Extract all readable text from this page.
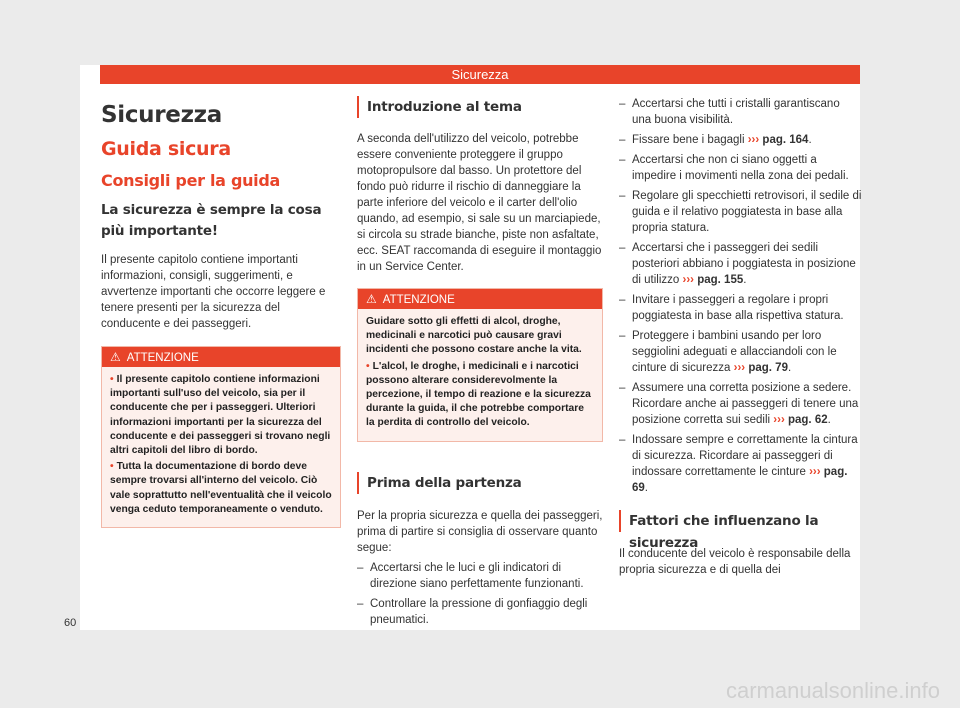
Sicurezza
Sicurezza
Guida sicura
Consigli per la guida
La sicurezza è sempre la cosa più importante!

Il presente capitolo contiene importanti informazioni, consigli, suggerimenti, e avvertenze importanti che occorre leggere e tenere presenti per la sicurezza del conducente e dei passeggeri.

⚠ ATTENZIONE

• Il presente capitolo contiene informazioni importanti sull'uso del veicolo, sia per il conducente che per i passeggeri. Ulteriori informazioni importanti per la sicurezza del conducente e dei passeggeri si trovano negli altri capitoli del libro di bordo.

• Tutta la documentazione di bordo deve sempre trovarsi all'interno del veicolo. Ciò vale soprattutto nell'eventualità che il veicolo venga ceduto temporaneamente o venduto.

Introduzione al tema

A seconda dell'utilizzo del veicolo, potrebbe essere conveniente proteggere il gruppo motopropulsore dal basso. Un protettore del fondo può ridurre il rischio di danneggiare la parte inferiore del veicolo e il carter dell'olio quando, ad esempio, si sale su un marciapiede, si circola su strade bianche, piste non asfaltate, ecc. SEAT raccomanda di eseguire il montaggio in un Service Center.

⚠ ATTENZIONE

Guidare sotto gli effetti di alcol, droghe, medicinali e narcotici può causare gravi incidenti che possono costare anche la vita.

• L'alcol, le droghe, i medicinali e i narcotici possono alterare considerevolmente la percezione, il tempo di reazione e la sicurezza durante la guida, il che potrebbe comportare la perdita di controllo del veicolo.

Prima della partenza

Per la propria sicurezza e quella dei passeggeri, prima di partire si consiglia di osservare quanto segue:

– Accertarsi che le luci e gli indicatori di direzione siano perfettamente funzionanti.
– Controllare la pressione di gonfiaggio degli pneumatici.
– Accertarsi che tutti i cristalli garantiscano una buona visibilità.
– Fissare bene i bagagli ››› pag. 164.
– Accertarsi che non ci siano oggetti a impedire i movimenti nella zona dei pedali.
– Regolare gli specchietti retrovisori, il sedile di guida e il relativo poggiatesta in base alla propria statura.
– Accertarsi che i passeggeri dei sedili posteriori abbiano i poggiatesta in posizione di utilizzo ››› pag. 155.
– Invitare i passeggeri a regolare i propri poggiatesta in base alla rispettiva statura.
– Proteggere i bambini usando per loro seggiolini adeguati e allacciandoli con le cinture di sicurezza ››› pag. 79.
– Assumere una corretta posizione a sedere. Ricordare anche ai passeggeri di tenere una posizione corretta sui sedili ››› pag. 62.
– Indossare sempre e correttamente la cintura di sicurezza. Ricordare ai passeggeri di indossare correttamente le cinture ››› pag. 69.
Fattori che influenzano la sicurezza

Il conducente del veicolo è responsabile della propria sicurezza e di quella dei

60
carmanualsonline.info
